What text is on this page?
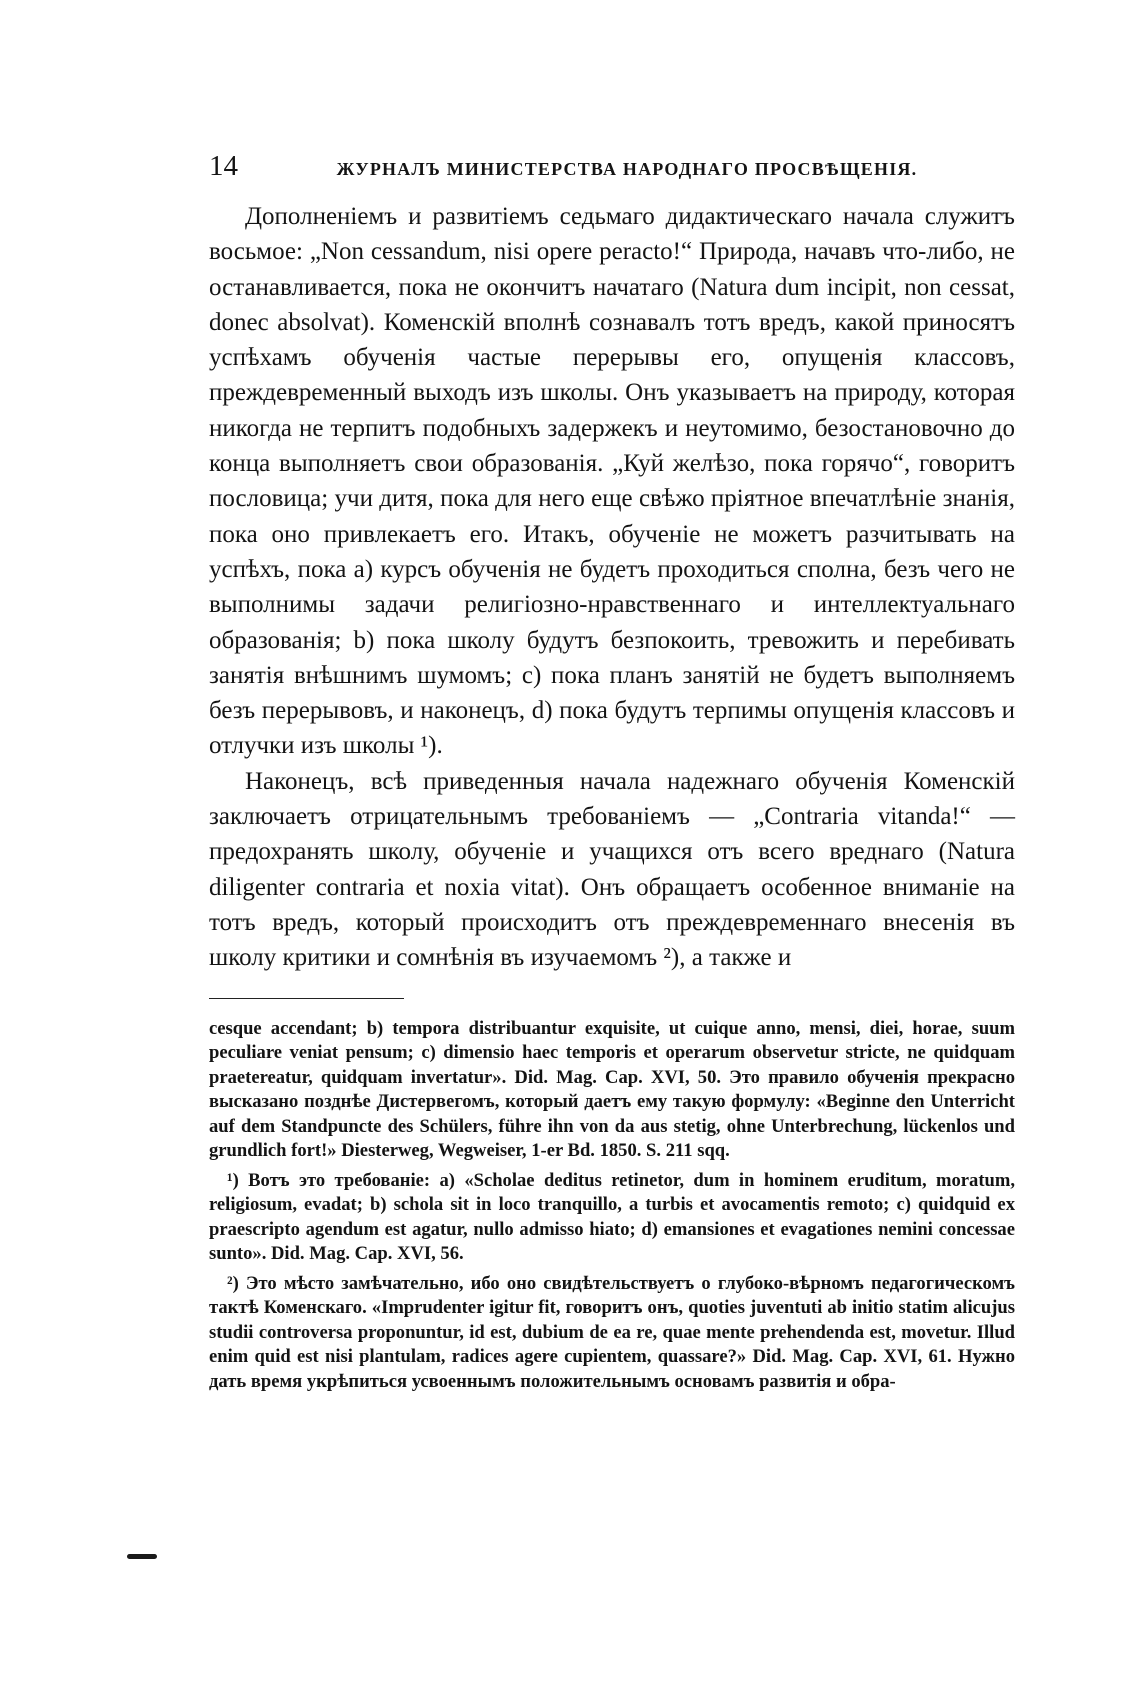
14	ЖУРНАЛЪ МИНИСТЕРСТВА НАРОДНАГО ПРОСВѢЩЕНІЯ.

Дополненіемъ и развитіемъ седьмаго дидактическаго начала служитъ восьмое: „Non cessandum, nisi opere peracto!“ Природа, начавъ что-либо, не останавливается, пока не окончитъ начатаго (Natura dum incipit, non cessat, donec absolvat). Коменскій вполнѣ сознавалъ тотъ вредъ, какой приносятъ успѣхамъ обученія частые перерывы его, опущенія классовъ, преждевременный выходъ изъ школы. Онъ указываетъ на природу, которая никогда не терпитъ подобныхъ задержекъ и неутомимо, безостановочно до конца выполняетъ свои образованія. „Куй желѣзо, пока горячо“, говоритъ пословица; учи дитя, пока для него еще свѣжо пріятное впечатлѣніе знанія, пока оно привлекаетъ его. Итакъ, обученіе не можетъ разчитывать на успѣхъ, пока а) курсъ обученія не будетъ проходиться сполна, безъ чего не выполнимы задачи религіозно-нравственнаго и интеллектуальнаго образованія; b) пока школу будутъ безпокоить, тревожить и перебивать занятія внѣшнимъ шумомъ; с) пока планъ занятій не будетъ выполняемъ безъ перерывовъ, и наконецъ, d) пока будутъ терпимы опущенія классовъ и отлучки изъ школы ¹).

Наконецъ, всѣ приведенныя начала надежнаго обученія Коменскій заключаетъ отрицательнымъ требованіемъ — „Contraria vitanda!“ — предохранять школу, обученіе и учащихся отъ всего вреднаго (Natura diligenter contraria et noxia vitat). Онъ обращаетъ особенное вниманіе на тотъ вредъ, который происходитъ отъ преждевременнаго внесенія въ школу критики и сомнѣнія въ изучаемомъ ²), а также и

cesque accendant; b) tempora distribuantur exquisite, ut cuique anno, mensi, diei, horae, suum peculiare veniat pensum; c) dimensio haec temporis et operarum observetur stricte, ne quidquam praetereatur, quidquam invertatur». Did. Mag. Cap. XVI, 50. Это правило обученія прекрасно высказано позднѣе Дистервегомъ, который даетъ ему такую формулу: «Beginne den Unterricht auf dem Standpuncte des Schülers, führe ihn von da aus stetig, ohne Unterbrechung, lückenlos und grundlich fort!» Diesterweg, Wegweiser, 1-er Bd. 1850. S. 211 sqq.

¹) Вотъ это требованіе: a) «Scholae deditus retinetor, dum in hominem eruditum, moratum, religiosum, evadat; b) schola sit in loco tranquillo, a turbis et avocamentis remoto; c) quidquid ex praescripto agendum est agatur, nullo admisso hiato; d) emansiones et evagationes nemini concessae sunto». Did. Mag. Cap. XVI, 56.

²) Это мѣсто замѣчательно, ибо оно свидѣтельствуетъ о глубоко-вѣрномъ педагогическомъ тактѣ Коменскаго. «Imprudenter igitur fit, говоритъ онъ, quoties juventuti ab initio statim alicujus studii controversa proponuntur, id est, dubium de ea re, quae mente prehendenda est, movetur. Illud enim quid est nisi plantulam, radices agere cupientem, quassare?» Did. Mag. Cap. XVI, 61. Нужно дать время укрѣпиться усвоеннымъ положительнымъ основамъ развитія и обра-
